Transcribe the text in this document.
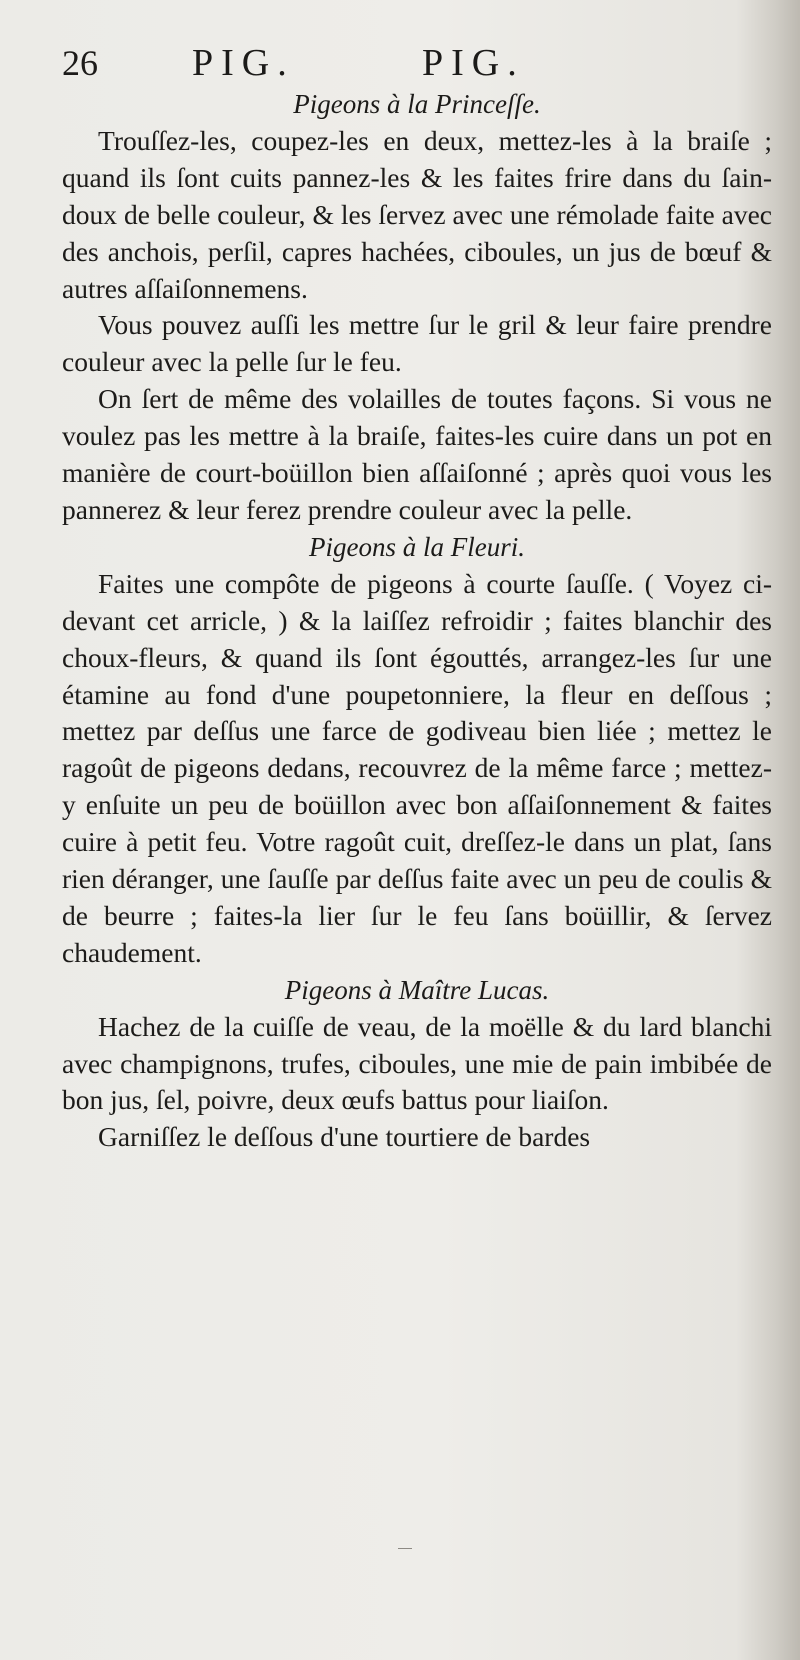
26 PIG.	PIG.
Pigeons à la Princeſſe.

Trouſſez-les, coupez-les en deux, mettez-les à la braiſe ; quand ils ſont cuits pannez-les & les faites frire dans du ſain-doux de belle couleur, & les ſervez avec une rémolade faite avec des anchois, perſil, capres hachées, ciboules, un jus de bœuf & autres aſſaiſonnemens.

Vous pouvez auſſi les mettre ſur le gril & leur faire prendre couleur avec la pelle ſur le feu.

On ſert de même des volailles de toutes façons. Si vous ne voulez pas les mettre à la braiſe, faites-les cuire dans un pot en manière de court-boüillon bien aſſaiſonné ; après quoi vous les pannerez & leur ferez prendre couleur avec la pelle.

Pigeons à la Fleuri.

Faites une compôte de pigeons à courte ſauſſe. ( Voyez ci-devant cet arricle, ) & la laiſſez refroidir ; faites blanchir des choux-fleurs, & quand ils ſont égouttés, arrangez-les ſur une étamine au fond d'une poupetonniere, la fleur en deſſous ; mettez par deſſus une farce de godiveau bien liée ; mettez le ragoût de pigeons dedans, recouvrez de la même farce ; mettez-y enſuite un peu de boüillon avec bon aſſaiſonnement & faites cuire à petit feu. Votre ragoût cuit, dreſſez-le dans un plat, ſans rien déranger, une ſauſſe par deſſus faite avec un peu de coulis & de beurre ; faites-la lier ſur le feu ſans boüillir, & ſervez chaudement.

Pigeons à Maître Lucas.

Hachez de la cuiſſe de veau, de la moëlle & du lard blanchi avec champignons, trufes, ciboules, une mie de pain imbibée de bon jus, ſel, poivre, deux œufs battus pour liaiſon.

Garniſſez le deſſous d'une tourtiere de bardes
